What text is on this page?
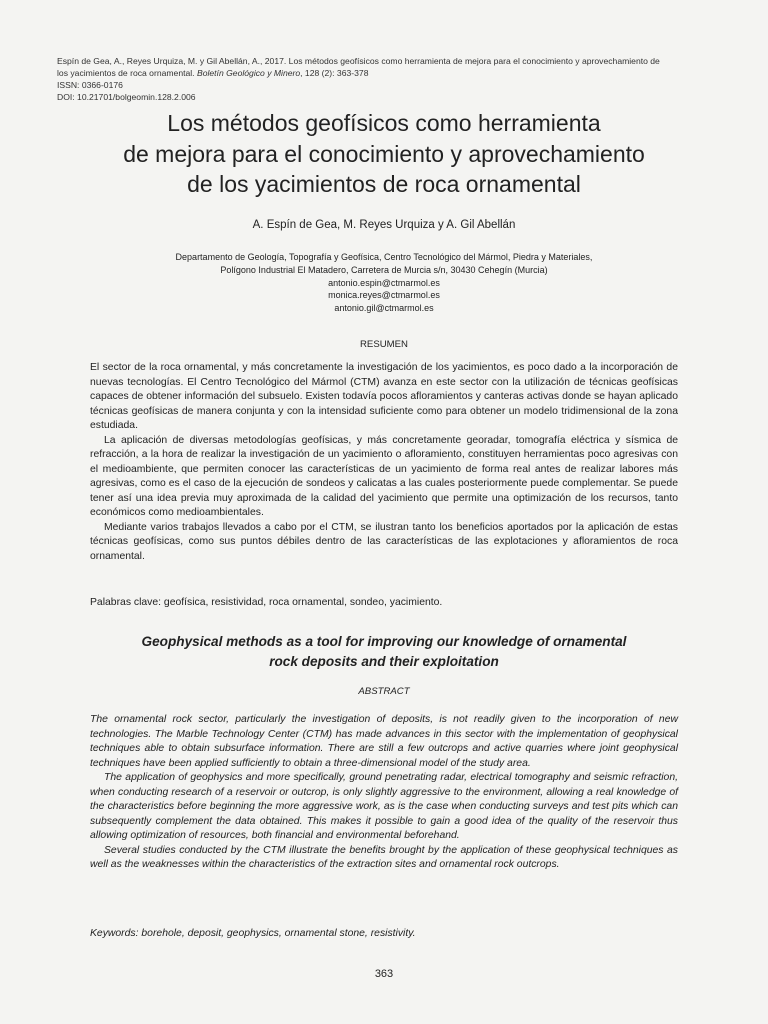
Espín de Gea, A., Reyes Urquiza, M. y Gil Abellán, A., 2017. Los métodos geofísicos como herramienta de mejora para el conocimiento y aprovechamiento de
los yacimientos de roca ornamental. Boletín Geológico y Minero, 128 (2): 363-378
ISSN: 0366-0176
DOI: 10.21701/bolgeomin.128.2.006
Los métodos geofísicos como herramienta
de mejora para el conocimiento y aprovechamiento
de los yacimientos de roca ornamental
A. Espín de Gea, M. Reyes Urquiza y A. Gil Abellán
Departamento de Geología, Topografía y Geofísica, Centro Tecnológico del Mármol, Piedra y Materiales,
Polígono Industrial El Matadero, Carretera de Murcia s/n, 30430 Cehegín (Murcia)
antonio.espin@ctmarmol.es
monica.reyes@ctmarmol.es
antonio.gil@ctmarmol.es
RESUMEN

El sector de la roca ornamental, y más concretamente la investigación de los yacimientos, es poco dado a la incorporación de nuevas tecnologías. El Centro Tecnológico del Mármol (CTM) avanza en este sector con la utilización de técnicas geofísicas capaces de obtener información del subsuelo. Existen todavía pocos afloramientos y canteras activas donde se hayan aplicado técnicas geofísicas de manera conjunta y con la intensidad suficiente como para obtener un modelo tridimensional de la zona estudiada.

La aplicación de diversas metodologías geofísicas, y más concretamente georadar, tomografía eléctrica y sísmica de refracción, a la hora de realizar la investigación de un yacimiento o afloramiento, constituyen herramientas poco agresivas con el medioambiente, que permiten conocer las características de un yacimiento de forma real antes de realizar labores más agresivas, como es el caso de la ejecución de sondeos y calicatas a las cuales posteriormente puede complementar. Se puede tener así una idea previa muy aproximada de la calidad del yacimiento que permite una optimización de los recursos, tanto económicos como medioambientales.

Mediante varios trabajos llevados a cabo por el CTM, se ilustran tanto los beneficios aportados por la aplicación de estas técnicas geofísicas, como sus puntos débiles dentro de las características de las explotaciones y afloramientos de roca ornamental.

Palabras clave: geofísica, resistividad, roca ornamental, sondeo, yacimiento.
Geophysical methods as a tool for improving our knowledge of ornamental
rock deposits and their exploitation
ABSTRACT

The ornamental rock sector, particularly the investigation of deposits, is not readily given to the incorporation of new technologies. The Marble Technology Center (CTM) has made advances in this sector with the implementation of geophysical techniques able to obtain subsurface information. There are still a few outcrops and active quarries where joint geophysical techniques have been applied sufficiently to obtain a three-dimensional model of the study area.

The application of geophysics and more specifically, ground penetrating radar, electrical tomography and seismic refraction, when conducting research of a reservoir or outcrop, is only slightly aggressive to the environment, allowing a real knowledge of the characteristics before beginning the more aggressive work, as is the case when conducting surveys and test pits which can subsequently complement the data obtained. This makes it possible to gain a good idea of the quality of the reservoir thus allowing optimization of resources, both financial and environmental beforehand.

Several studies conducted by the CTM illustrate the benefits brought by the application of these geophysical techniques as well as the weaknesses within the characteristics of the extraction sites and ornamental rock outcrops.

Keywords: borehole, deposit, geophysics, ornamental stone, resistivity.
363
